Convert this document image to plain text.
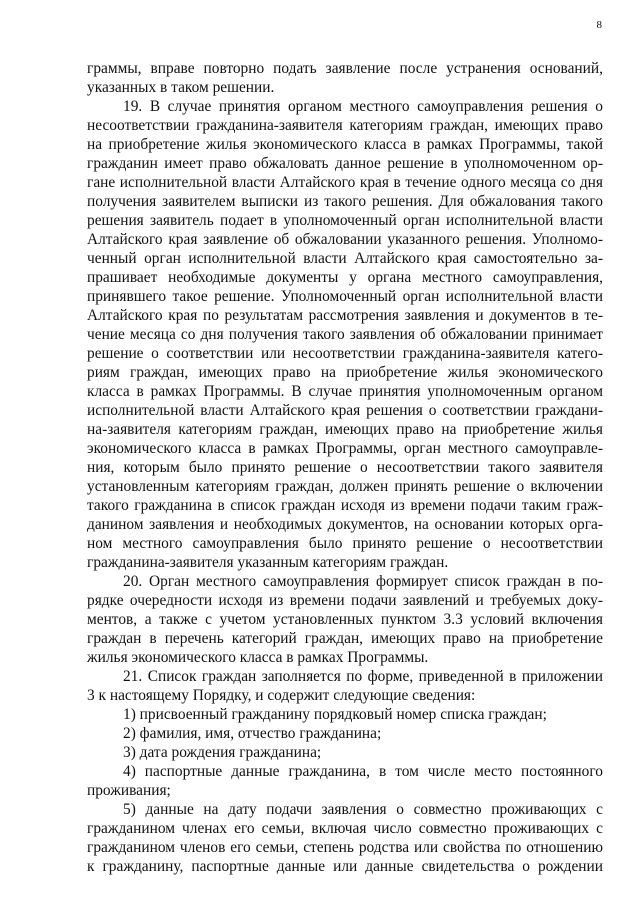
8
граммы, вправе повторно подать заявление после устранения оснований,
указанных в таком решении.
19. В случае принятия органом местного самоуправления решения о
несоответствии гражданина-заявителя категориям граждан, имеющих право
на приобретение жилья экономического класса в рамках Программы, такой
гражданин имеет право обжаловать данное решение в уполномоченном ор-
гане исполнительной власти Алтайского края в течение одного месяца со дня
получения заявителем выписки из такого решения. Для обжалования такого
решения заявитель подает в уполномоченный орган исполнительной власти
Алтайского края заявление об обжаловании указанного решения. Уполномо-
ченный орган исполнительной власти Алтайского края самостоятельно за-
прашивает необходимые документы у органа местного самоуправления,
принявшего такое решение. Уполномоченный орган исполнительной власти
Алтайского края по результатам рассмотрения заявления и документов в те-
чение месяца со дня получения такого заявления об обжаловании принимает
решение о соответствии или несоответствии гражданина-заявителя катего-
риям граждан, имеющих право на приобретение жилья экономического
класса в рамках Программы. В случае принятия уполномоченным органом
исполнительной власти Алтайского края решения о соответствии граждани-
на-заявителя категориям граждан, имеющих право на приобретение жилья
экономического класса в рамках Программы, орган местного самоуправле-
ния, которым было принято решение о несоответствии такого заявителя
установленным категориям граждан, должен принять решение о включении
такого гражданина в список граждан исходя из времени подачи таким граж-
данином заявления и необходимых документов, на основании которых орга-
ном местного самоуправления было принято решение о несоответствии
гражданина-заявителя указанным категориям граждан.
20. Орган местного самоуправления формирует список граждан в по-
рядке очередности исходя из времени подачи заявлений и требуемых доку-
ментов, а также с учетом установленных пунктом 3.3 условий включения
граждан в перечень категорий граждан, имеющих право на приобретение
жилья экономического класса в рамках Программы.
21. Список граждан заполняется по форме, приведенной в приложении
3 к настоящему Порядку, и содержит следующие сведения:
1) присвоенный гражданину порядковый номер списка граждан;
2) фамилия, имя, отчество гражданина;
3) дата рождения гражданина;
4) паспортные данные гражданина, в том числе место постоянного
проживания;
5) данные на дату подачи заявления о совместно проживающих с
гражданином членах его семьи, включая число совместно проживающих с
гражданином членов его семьи, степень родства или свойства по отношению
к гражданину, паспортные данные или данные свидетельства о рождении
